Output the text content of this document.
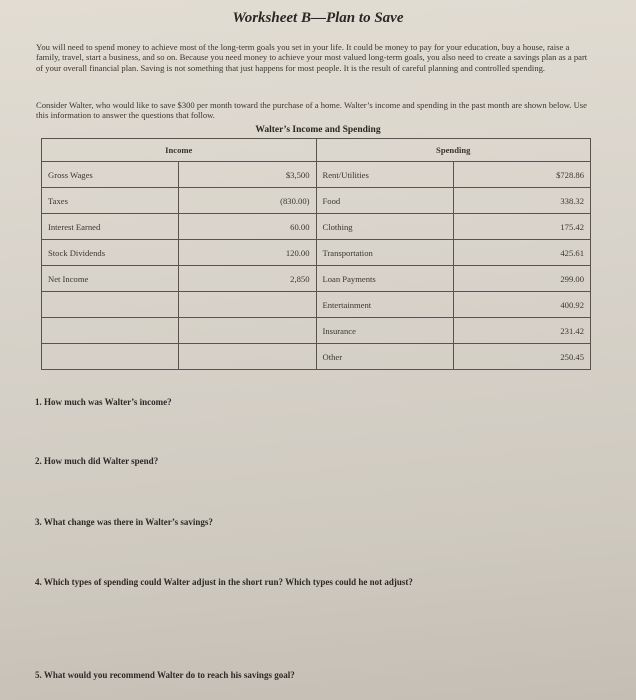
Worksheet B—Plan to Save

You will need to spend money to achieve most of the long-term goals you set in your life. It could be money to pay for your education, buy a house, raise a family, travel, start a business, and so on. Because you need money to achieve your most valued long-term goals, you also need to create a savings plan as a part of your overall financial plan. Saving is not something that just happens for most people. It is the result of careful planning and controlled spending.

Consider Walter, who would like to save $300 per month toward the purchase of a home. Walter’s income and spending in the past month are shown below. Use this information to answer the questions that follow.

Walter’s Income and Spending
Income		Spending	
Gross Wages	$3,500	Rent/Utilities	$728.86
Taxes	(830.00)	Food	338.32
Interest Earned	60.00	Clothing	175.42
Stock Dividends	120.00	Transportation	425.61
Net Income	2,850	Loan Payments	299.00
		Entertainment	400.92
		Insurance	231.42
		Other	250.45
1. How much was Walter’s income?
2. How much did Walter spend?
3. What change was there in Walter’s savings?
4. Which types of spending could Walter adjust in the short run? Which types could he not adjust?
5. What would you recommend Walter do to reach his savings goal?
